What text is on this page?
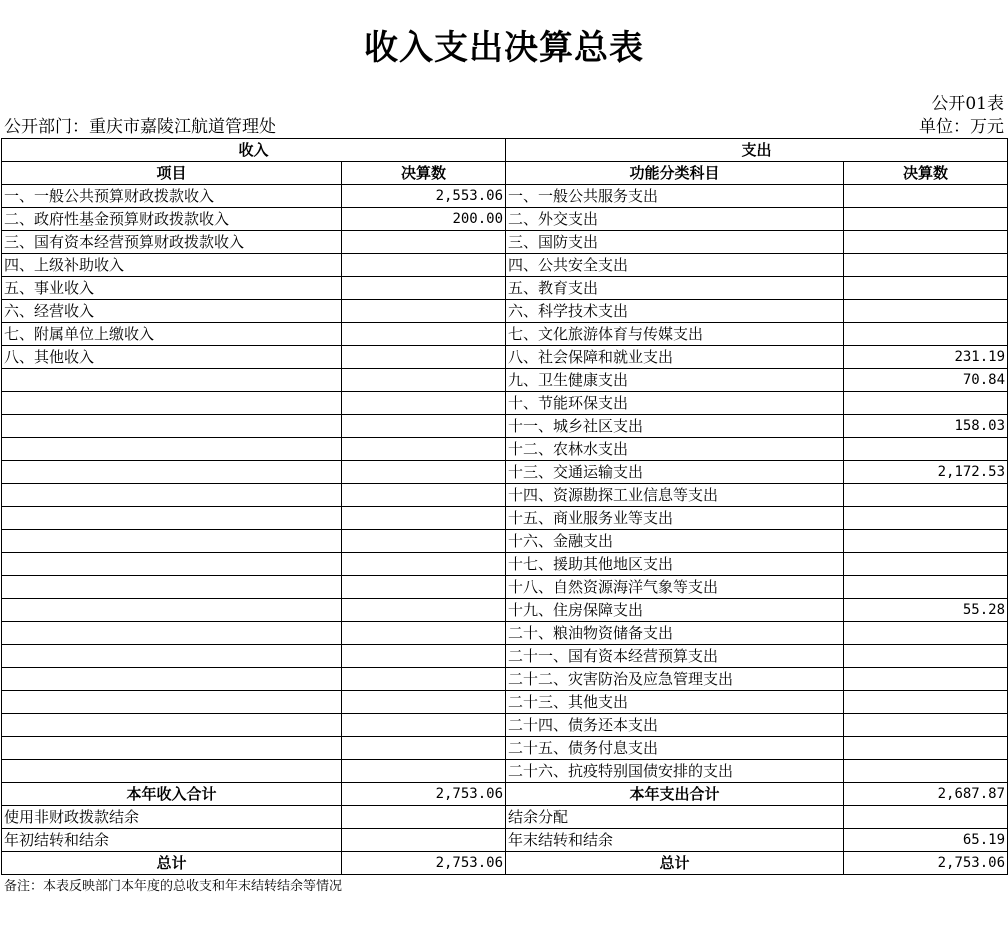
收入支出决算总表
公开01表
公开部门：重庆市嘉陵江航道管理处	单位：万元
收入		支出	
项目	决算数	功能分类科目	决算数
一、一般公共预算财政拨款收入	2,553.06	一、一般公共服务支出	
二、政府性基金预算财政拨款收入	200.00	二、外交支出	
三、国有资本经营预算财政拨款收入		三、国防支出	
四、上级补助收入		四、公共安全支出	
五、事业收入		五、教育支出	
六、经营收入		六、科学技术支出	
七、附属单位上缴收入		七、文化旅游体育与传媒支出	
八、其他收入		八、社会保障和就业支出	231.19
		九、卫生健康支出	70.84
		十、节能环保支出	
		十一、城乡社区支出	158.03
		十二、农林水支出	
		十三、交通运输支出	2,172.53
		十四、资源勘探工业信息等支出	
		十五、商业服务业等支出	
		十六、金融支出	
		十七、援助其他地区支出	
		十八、自然资源海洋气象等支出	
		十九、住房保障支出	55.28
		二十、粮油物资储备支出	
		二十一、国有资本经营预算支出	
		二十二、灾害防治及应急管理支出	
		二十三、其他支出	
		二十四、债务还本支出	
		二十五、债务付息支出	
		二十六、抗疫特别国债安排的支出	
本年收入合计	2,753.06	本年支出合计	2,687.87
使用非财政拨款结余		结余分配	
年初结转和结余		年末结转和结余	65.19
总计	2,753.06	总计	2,753.06
备注：本表反映部门本年度的总收支和年末结转结余等情况
